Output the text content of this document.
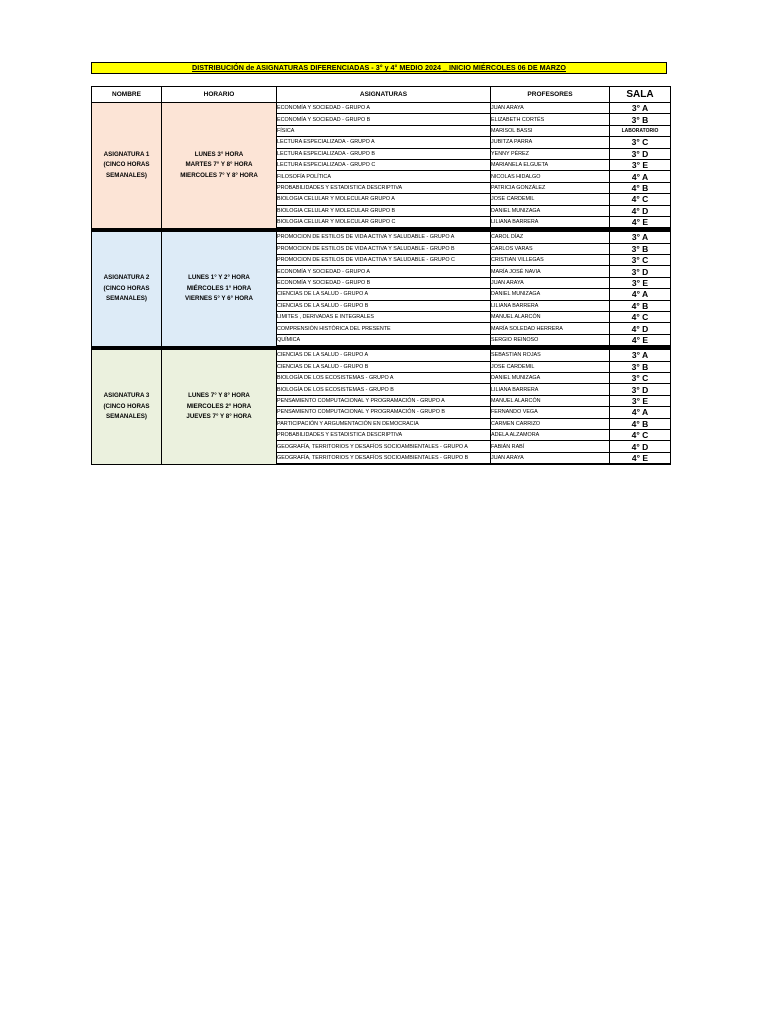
DISTRIBUCIÓN de ASIGNATURAS DIFERENCIADAS - 3° y 4° MEDIO 2024 _ INICIO MIÉRCOLES 06 DE MARZO
NOMBRE	HORARIO	ASIGNATURAS	PROFESORES	SALA

ASIGNATURA 1
(CINCO HORAS
SEMANALES)	LUNES 3° HORA
MARTES 7° Y 8° HORA
MIERCOLES 7° Y 8° HORA	ECONOMÍA Y SOCIEDAD - GRUPO A	JUAN ARAYA	3° A
		ECONOMÍA Y SOCIEDAD - GRUPO B	ELIZABETH CORTÉS	3° B
		FÍSICA	MARISOL BASSI	LABORATORIO
		LECTURA ESPECIALIZADA - GRUPO A	JUBITZA PARRA	3° C
		LECTURA ESPECIALIZADA - GRUPO B	YENNY PÉREZ	3° D
		LECTURA ESPECIALIZADA - GRUPO C	MARIANELA ELGUETA	3° E
		FILOSOFÍA POLÍTICA	NICOLAS HIDALGO	4° A
		PROBABILIDADES Y ESTADISTICA DESCRIPTIVA	PATRICIA GONZÁLEZ	4° B
		BIOLOGIA CELULAR Y MOLECULAR GRUPO A	JOSE CARDEMIL	4° C
		BIOLOGIA CELULAR Y MOLECULAR GRUPO B	DANIEL MUNIZAGA	4° D
		BIOLOGIA CELULAR Y MOLECULAR GRUPO C	LILIANA BARRERA	4° E

ASIGNATURA 2
(CINCO HORAS
SEMANALES)	LUNES 1° Y 2° HORA
MIÉRCOLES 1° HORA
VIERNES 5° Y 6° HORA	PROMOCION DE ESTILOS DE VIDA ACTIVA Y SALUDABLE - GRUPO A	CAROL DÍAZ	3° A
		PROMOCION DE ESTILOS DE VIDA ACTIVA Y SALUDABLE - GRUPO B	CARLOS VARAS	3° B
		PROMOCION DE ESTILOS DE VIDA ACTIVA Y SALUDABLE - GRUPO C	CRISTIAN VILLEGAS	3° C
		ECONOMÍA Y SOCIEDAD - GRUPO A	MARÍA JOSÉ NAVIA	3° D
		ECONOMÍA Y SOCIEDAD - GRUPO B	JUAN ARAYA	3° E
		CIENCIAS DE LA SALUD - GRUPO A	DANIEL MUNIZAGA	4° A
		CIENCIAS DE LA SALUD - GRUPO B	LILIANA BARRERA	4° B
		LIMITES , DERIVADAS E INTEGRALES	MANUEL ALARCÓN	4° C
		COMPRENSIÓN HISTÓRICA DEL PRESENTE	MARÍA SOLEDAD HERRERA	4° D
		QUÍMICA	SERGIO REINOSO	4° E

ASIGNATURA 3
(CINCO HORAS
SEMANALES)	LUNES 7° Y 8° HORA
MIERCOLES 2° HORA
JUEVES 7° Y 8° HORA	CIENCIAS DE LA SALUD - GRUPO A	SEBASTIAN ROJAS	3° A
		CIENCIAS DE LA SALUD - GRUPO B	JOSE CARDEMIL	3° B
		BIOLOGÍA DE LOS ECOSISTEMAS - GRUPO A	DANIEL MUNIZAGA	3° C
		BIOLOGÍA DE LOS ECOSISTEMAS - GRUPO B	LILIANA BARRERA	3° D
		PENSAMIENTO COMPUTACIONAL Y PROGRAMACIÓN - GRUPO A	MANUEL ALARCÓN	3° E
		PENSAMIENTO COMPUTACIONAL Y PROGRAMACIÓN - GRUPO B	FERNANDO VEGA	4° A
		PARTICIPACIÓN Y ARGUMENTACIÓN EN DEMOCRACIA	CARMEN CARRIZO	4° B
		PROBABILIDADES Y ESTADISTICA DESCRIPTIVA	ADELA ALZAMORA	4° C
		GEOGRAFÍA, TERRITORIOS Y DESAFÍOS SOCIOAMBIENTALES - GRUPO A	FABIÁN RABÍ	4° D
		GEOGRAFÍA, TERRITORIOS Y DESAFÍOS SOCIOAMBIENTALES - GRUPO B	JUAN ARAYA	4° E
